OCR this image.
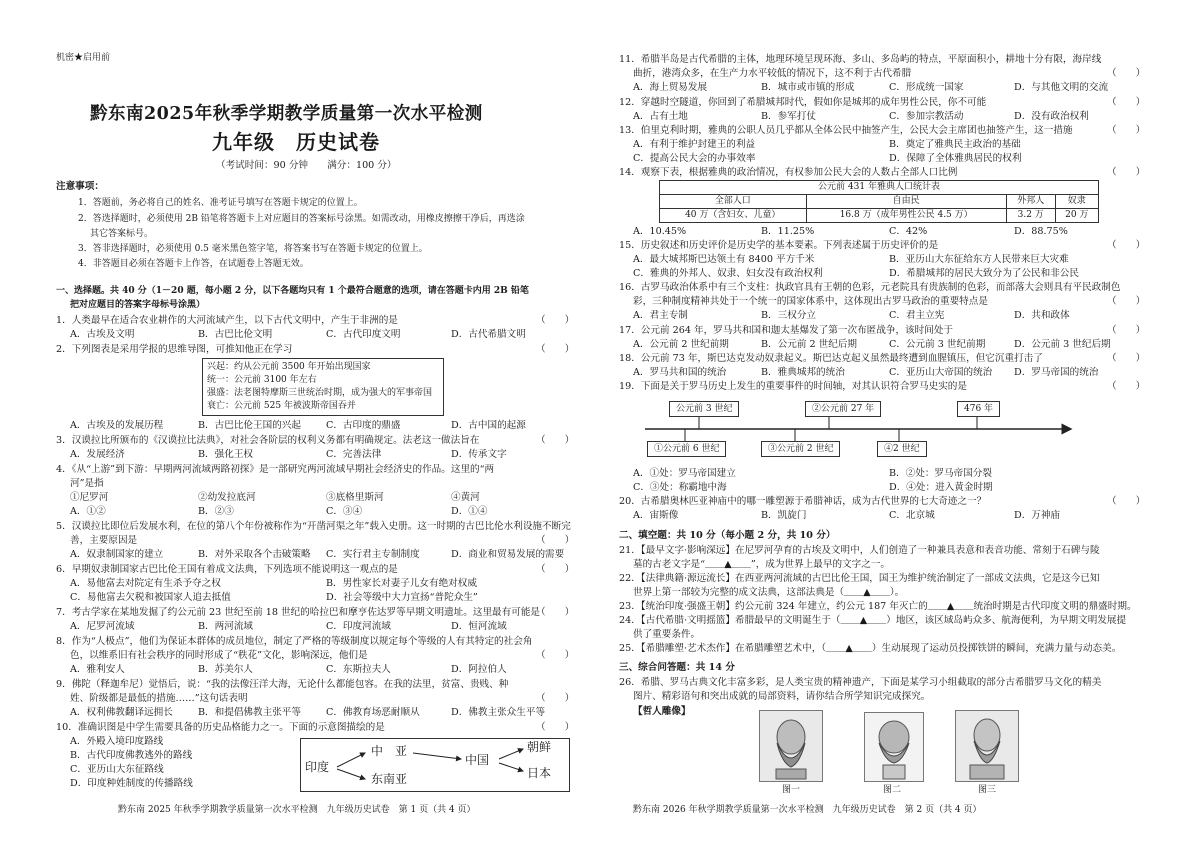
机密★启用前
黔东南2025年秋季学期教学质量第一次水平检测
九年级　历史试卷
（考试时间：90 分钟　　满分：100 分）
注意事项：
1．答题前，务必将自己的姓名、准考证号填写在答题卡规定的位置上。
2．答选择题时，必须使用 2B 铅笔将答题卡上对应题目的答案标号涂黑。如需改动，用橡皮擦擦干净后，再选涂
其它答案标号。
3．答非选择题时，必须使用 0.5 毫米黑色签字笔，将答案书写在答题卡规定的位置上。
4．非答题目必须在答题卡上作答，在试题卷上答题无效。
一、选择题。共 40 分（1－20 题，每小题 2 分，以下各题均只有 1 个最符合题意的选项，请在答题卡内用 2B 铅笔
把对应题目的答案字母标号涂黑）
1．人类最早在适合农业耕作的大河流域产生，以下古代文明中，产生于非洲的是	（　　）
A．古埃及文明	B．古巴比伦文明	C．古代印度文明	D．古代希腊文明
2．下列图表是采用学报的思维导图，可推知他正在学习	（　　）
兴起：约从公元前 3500 年开始出现国家
统一：公元前 3100 年左右
强盛：法老图特摩斯三世统治时期，成为强大的军事帝国
衰亡：公元前 525 年被波斯帝国吞并
A．古埃及的发展历程	B．古巴比伦王国的兴起	C．古印度的鼎盛	D．古中国的起源
3．汉谟拉比所颁布的《汉谟拉比法典》，对社会各阶层的权利义务都有明确规定。法老这一做法旨在	（　　）
A．发展经济	B．强化王权	C．完善法律	D．传承文字
4．《从“上游”到下游：早期两河流域两路初探》是一部研究两河流域早期社会经济史的作品。这里的“两
河”是指
①尼罗河	②幼发拉底河	③底格里斯河	④黄河
A．①②	B．②③	C．③④	D．①④
5．汉谟拉比即位后发展水利，在位的第八个年份被称作为“开凿河渠之年”载入史册。这一时期的古巴比伦水利设施不断完
善，主要原因是	（　　）
A．奴隶制国家的建立	B．对外采取各个击破策略 C．实行君主专制制度	D．商业和贸易发展的需要
6．早期奴隶制国家古巴比伦王国有着成文法典，下列选项不能说明这一观点的是	（　　）
A．易他富去对院定有生杀予夺之权	B．男性家长对妻子儿女有绝对权威
C．易他富去欠税和被国家人追去抵值	D．社会等级中大力宣扬“普陀众生”
7．考古学家在某地发掘了约公元前 23 世纪至前 18 世纪的哈拉巴和摩亨佐达罗等早期文明遗址。这里最有可能是
（　　）
A．尼罗河流域	B．两河流域	C．印度河流域	D．恒河流域
8．作为“人极点”，他们为保证本群体的成员地位，制定了严格的等级制度以规定每个等级的人有其特定的社会角
色，以维系旧有社会秩序的同时形成了“秩花”文化，影响深远，他们是	（　　）
A．雅利安人	B．苏美尔人	C．东斯拉夫人	D．阿拉伯人
9．佛陀（释迦牟尼）觉悟后，说：“我的法像汪洋大海，无论什么都能包容。在我的法里，贫富、贵贱、种
姓、阶级都是最低的措施……”这句话表明	（　　）
A．权利佛教翻译远拥长	B．和提倡佛教主张平等	C．佛教育场恶耐顺从	D．佛教主张众生平等
10．准确识图是中学生需要具备的历史品格能力之一。下面的示意图描绘的是	（　　）
A．外殿入境印度路线
B．古代印度佛教逃外的路线
C．亚历山大东征路线
D．印度种姓制度的传播路线
印度
中　亚
东南亚
中国
朝鲜
日本
黔东南 2025 年秋季学期教学质量第一次水平检测　九年级历史试卷　第 1 页（共 4 页）
11．希腊半岛是古代希腊的主体，地理环境呈现环海、多山、多岛屿的特点，平原面积小，耕地十分有限，海岸线
曲折，港湾众多，在生产力水平较低的情况下，这不利于古代希腊	（　　）
A．海上贸易发展	B．城市或市镇的形成	C．形成统一国家	D．与其他文明的交流
12．穿越时空隧道，你回到了希腊城邦时代，假如你是城邦的成年男性公民，你不可能	（　　）
A．占有土地	B．参军打仗	C．参加宗教活动	D．没有政治权利
13．伯里克利时期，雅典的公职人员几乎都从全体公民中抽签产生，公民大会主席团也抽签产生，这一措施	（　　）
A．有利于维护封建王的利益	B．奠定了雅典民主政治的基础
C．提高公民大会的办事效率	D．保障了全体雅典居民的权利
14．观察下表，根据雅典的政治情况，有权参加公民大会的人数占全部人口比例	（　　）
公元前 431 年雅典人口统计表			
全部人口	自由民	外邦人	奴隶
40 万（含妇女、儿童）	16.8 万（成年男性公民 4.5 万）	3.2 万	20 万
A．10.45%	B．11.25%	C．42%	D．88.75%
15．历史叙述和历史评价是历史学的基本要素。下列表述属于历史评价的是	（　　）
A．最大城邦斯巴达领土有 8400 平方千米	B．亚历山大东征给东方人民带来巨大灾难
C．雅典的外邦人、奴隶、妇女没有政治权利	D．希腊城邦的居民大致分为了公民和非公民
16．古罗马政治体系中有三个支柱：执政官具有王朝的色彩，元老院具有贵族制的色彩，而部落大会则具有平民政制色
彩，三种制度精神共处于一个统一的国家体系中，这体现出古罗马政治的重要特点是	（　　）
A．君主专制	B．三权分立	C．君主立宪	D．共和政体
17．公元前 264 年，罗马共和国和迦太基爆发了第一次布匿战争，该时间处于	（　　）
A．公元前 2 世纪前期	B．公元前 2 世纪后期	C．公元前 3 世纪前期	D．公元前 3 世纪后期
18．公元前 73 年，斯巴达克发动奴隶起义。斯巴达克起义虽然最终遭到血腥镇压，但它沉重打击了	（　　）
A．罗马共和国的统治	B．雅典城邦的统治	C．亚历山大帝国的统治 D．罗马帝国的统治
19．下面是关于罗马历史上发生的重要事件的时间轴，对其认识符合罗马史实的是	（　　）
公元前 3 世纪	②公元前 27 年	476 年
①公元前 6 世纪	③公元前 2 世纪	④2 世纪
A．①处：罗马帝国建立	B．②处：罗马帝国分裂
C．③处：称霸地中海	D．④处：进入黄金时期
20．古希腊奥林匹亚神庙中的哪一雕塑源于希腊神话，成为古代世界的七大奇迹之一？	（　　）
A．宙斯像	B．凯旋门	C．北京城	D．万神庙
二、填空题：共 10 分（每小题 2 分，共 10 分）
21．【最早文字·影响深远】在尼罗河孕育的古埃及文明中，人们创造了一种兼具表意和表音功能、常刻于石碑与陵
墓的古老文字是“＿＿▲＿＿”，成为世界上最早的文字之一。
22．【法律典籍·源远流长】在西亚两河流域的古巴比伦王国，国王为维护统治制定了一部成文法典，它是这今已知
世界上第一部较为完整的成文法典，这部法典是（＿＿▲＿＿）。
23．【统治印度·强盛王朝】约公元前 324 年建立，约公元 187 年灭亡的＿＿▲＿＿统治时期是古代印度文明的鼎盛时期。
24．【古代希腊·文明摇篮】希腊最早的文明诞生于（＿＿▲＿＿）地区，该区域岛屿众多、航海便利，为早期文明发展提
供了重要条件。
25．【希腊雕塑·艺术杰作】在希腊雕塑艺术中，（＿＿▲＿＿）生动展现了运动员投掷铁饼的瞬间，充满力量与动态美。
三、综合问答题：共 14 分
26．希腊、罗马古典文化丰富多彩，是人类宝贵的精神遗产，下面是某学习小组截取的部分古希腊罗马文化的精美
图片、精彩语句和突出成就的局部资料，请你结合所学知识完成探究。
【哲人雕像】
图一	图二	图三
黔东南 2026 年秋学期教学质量第一次水平检测　九年级历史试卷　第 2 页（共 4 页）
